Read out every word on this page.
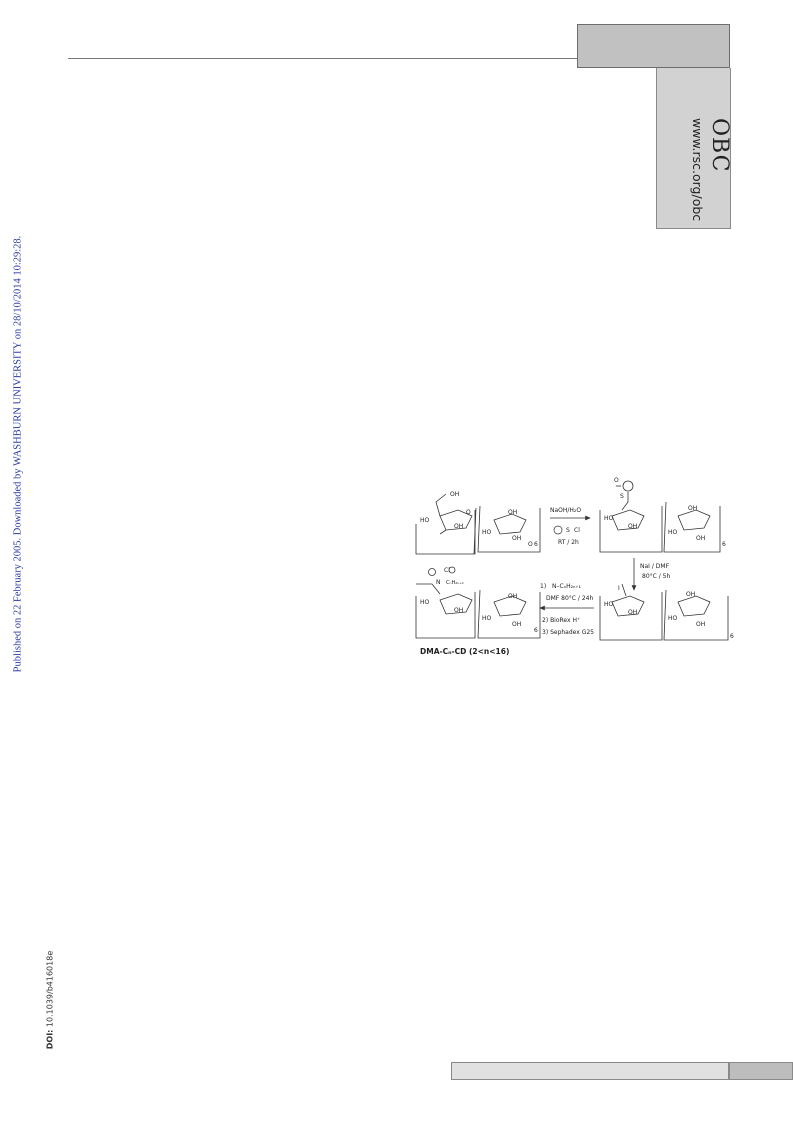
OBC
www.rsc.org/obc
Published on 22 February 2005. Downloaded by WASHBURN UNIVERSITY on 28/10/2014 10:29:28.
DOI: 10.1039/b416018e
OH
HO
OH
O	OH
HO
OH
O 6
NaOH/H₂O
S Cl
RT / 2h
O
S
HO
OH
OH
HO
OH
6
NaI / DMF
80°C / 5h
I
HO
OH
OH
HO
OH
6
1) N–CₙH₂ₙ₊₁
DMF 80°C / 24h
2) BioRex H⁺
3) Sephadex G25
Cl
N CₙH₂ₙ₊₁
HO
OH
OH
HO
OH
6
DMA-Cₙ-CD (2<n<16)
